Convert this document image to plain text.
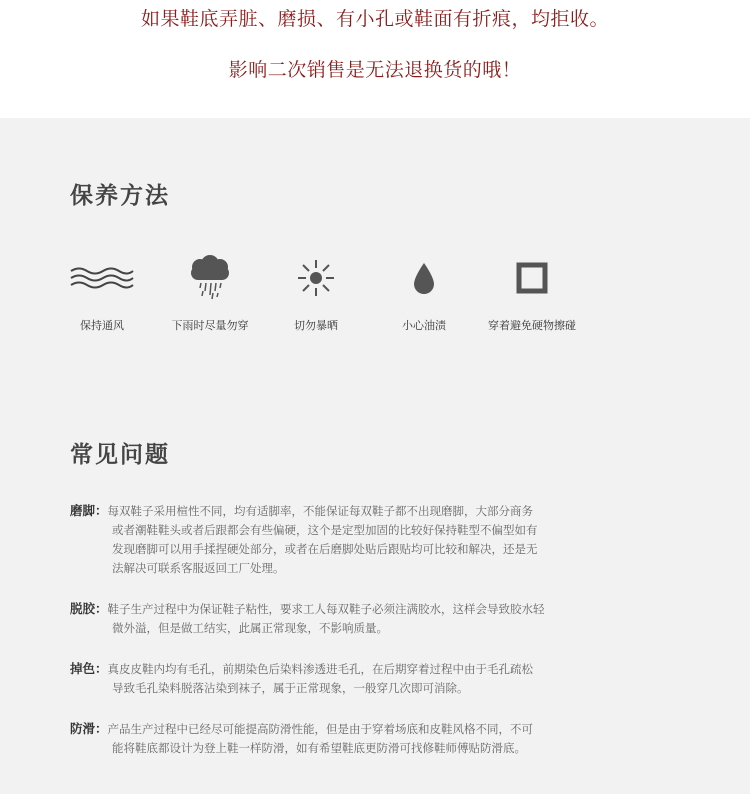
如果鞋底弄脏、磨损、有小孔或鞋面有折痕，均拒收。
影响二次销售是无法退换货的哦！
保养方法
保持通风	下雨时尽量勿穿	切勿暴晒	小心油渍	穿着避免硬物擦碰
常见问题
磨脚：每双鞋子采用楦性不同，均有适脚率，不能保证每双鞋子都不出现磨脚，大部分商务
或者潮鞋鞋头或者后跟都会有些偏硬，这个是定型加固的比较好保持鞋型不偏型如有
发现磨脚可以用手揉捏硬处部分，或者在后磨脚处贴后跟贴均可比较和解决，还是无
法解决可联系客服返回工厂处理。
脱胶：鞋子生产过程中为保证鞋子粘性，要求工人每双鞋子必须注满胶水，这样会导致胶水轻
微外溢，但是做工结实，此属正常现象，不影响质量。
掉色：真皮皮鞋内均有毛孔，前期染色后染料渗透进毛孔，在后期穿着过程中由于毛孔疏松
导致毛孔染料脱落沾染到袜子，属于正常现象，一般穿几次即可消除。
防滑：产品生产过程中已经尽可能提高防滑性能，但是由于穿着场底和皮鞋风格不同，不可
能将鞋底都设计为登上鞋一样防滑，如有希望鞋底更防滑可找修鞋师傅贴防滑底。
